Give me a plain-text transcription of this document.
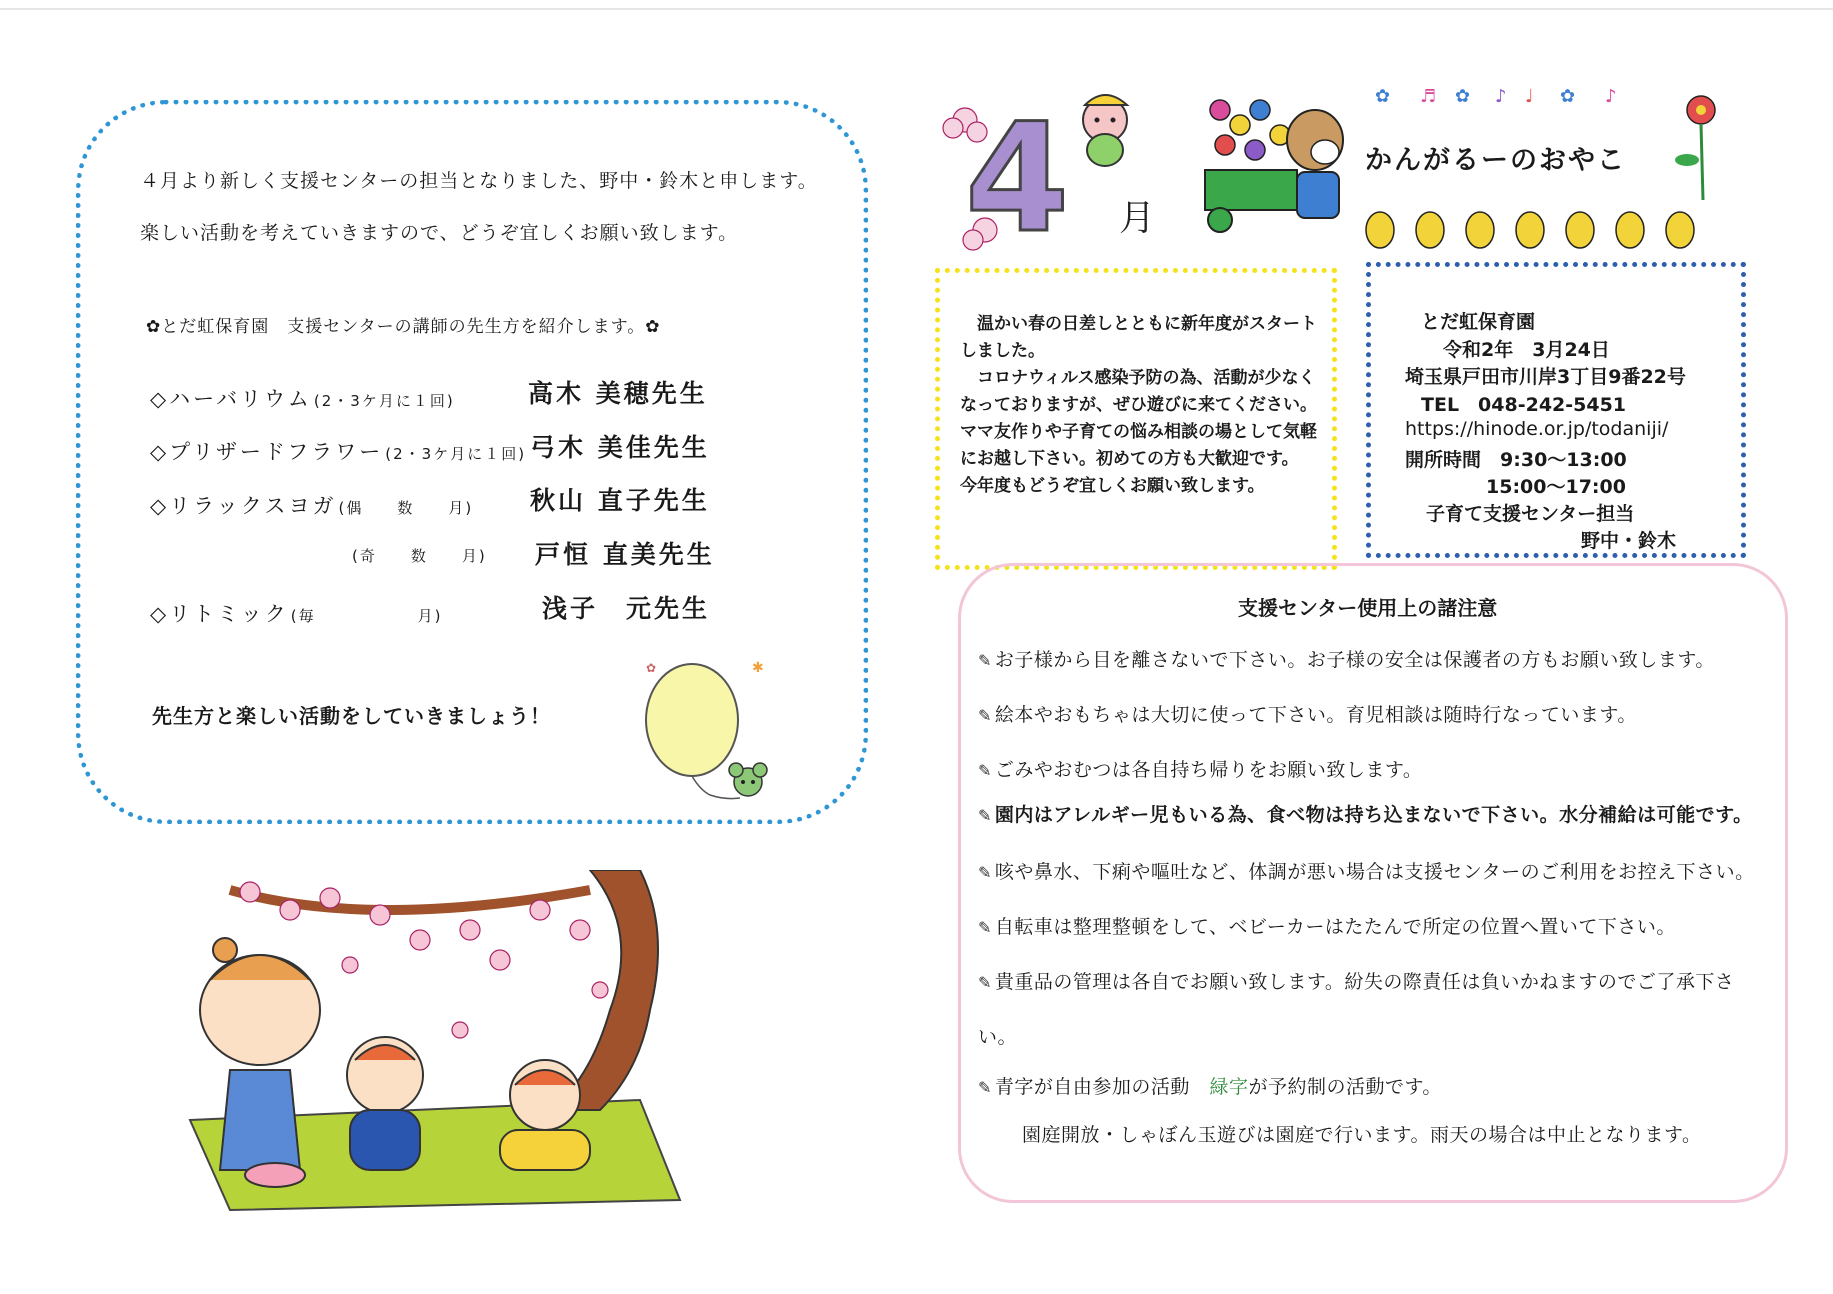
４月より新しく支援センターの担当となりました、野中・鈴木と申します。
楽しい活動を考えていきますので、どうぞ宜しくお願い致します。
✿とだ虹保育園　支援センターの講師の先生方を紹介します。✿
◇ハーバリウム (2・3ケ月に１回)	高木 美穂先生
◇プリザードフラワー (2・3ケ月に１回) 弓木 美佳先生
◇リラックスヨガ (偶　　数　　月) 秋山 直子先生
(奇　　数　　月) 戸恒 直美先生
◇リトミック (毎　　　　　　月)	浅子　元先生
先生方と楽しい活動をしていきましょう！
✱
✿
4 月
✿ ♬ ✿ ♪ ♩ ✿ ♪
かんがるーのおやこ

温かい春の日差しとともに新年度がスタートしました。

コロナウィルス感染予防の為、活動が少なくなっておりますが、ぜひ遊びに来てください。ママ友作りや子育ての悩み相談の場として気軽にお越し下さい。初めての方も大歓迎です。

今年度もどうぞ宜しくお願い致します。

とだ虹保育園
令和2年　3月24日
埼玉県戸田市川岸3丁目9番22号
TEL　048-242-5451
https://hinode.or.jp/todaniji/
開所時間　 9:30〜13:00
15:00〜17:00
子育て支援センター担当
野中・鈴木
支援センター使用上の諸注意
✎ お子様から目を離さないで下さい。お子様の安全は保護者の方もお願い致します。
✎ 絵本やおもちゃは大切に使って下さい。育児相談は随時行なっています。
✎ ごみやおむつは各自持ち帰りをお願い致します。
✎ 園内はアレルギー児もいる為、食べ物は持ち込まないで下さい。水分補給は可能です。
✎ 咳や鼻水、下痢や嘔吐など、体調が悪い場合は支援センターのご利用をお控え下さい。
✎ 自転車は整理整頓をして、ベビーカーはたたんで所定の位置へ置いて下さい。
✎ 貴重品の管理は各自でお願い致します。紛失の際責任は負いかねますのでご了承下さ
い。
✎ 青字が自由参加の活動　 緑字が予約制の活動です。
園庭開放・しゃぼん玉遊びは園庭で行います。雨天の場合は中止となります。
